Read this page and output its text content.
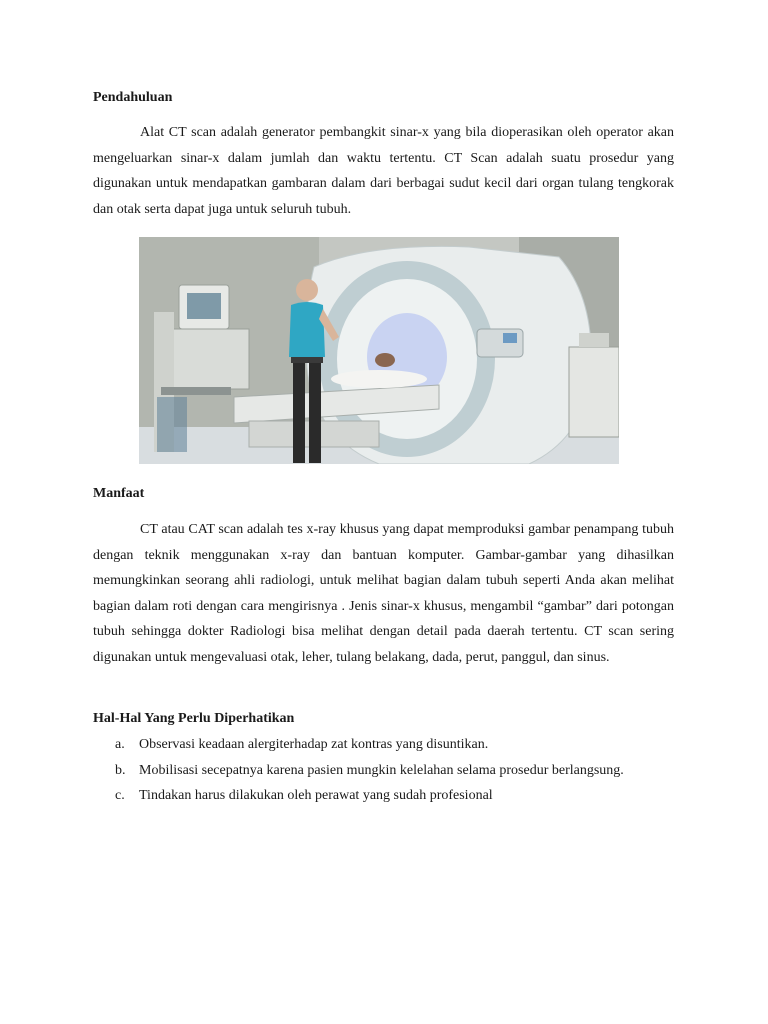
Pendahuluan

Alat CT scan adalah generator pembangkit sinar-x yang bila dioperasikan oleh operator akan mengeluarkan sinar-x dalam jumlah dan waktu tertentu. CT Scan adalah suatu prosedur yang digunakan untuk mendapatkan gambaran dalam dari berbagai sudut kecil dari organ tulang tengkorak dan otak serta dapat juga untuk seluruh tubuh.

Manfaat

CT atau CAT scan adalah tes x-ray khusus yang dapat memproduksi gambar penampang tubuh dengan teknik menggunakan x-ray dan bantuan komputer. Gambar-gambar yang dihasilkan memungkinkan seorang ahli radiologi, untuk melihat bagian dalam tubuh seperti Anda akan melihat bagian dalam roti dengan cara mengirisnya . Jenis sinar-x khusus, mengambil “gambar” dari potongan tubuh sehingga dokter Radiologi bisa melihat dengan detail pada daerah tertentu. CT scan sering digunakan untuk mengevaluasi otak, leher, tulang belakang, dada, perut, panggul, dan sinus.

Hal-Hal Yang Perlu Diperhatikan
a. Observasi keadaan alergiterhadap zat kontras yang disuntikan.
b. Mobilisasi secepatnya karena pasien mungkin kelelahan selama prosedur berlangsung.
c. Tindakan harus dilakukan oleh perawat yang sudah profesional
